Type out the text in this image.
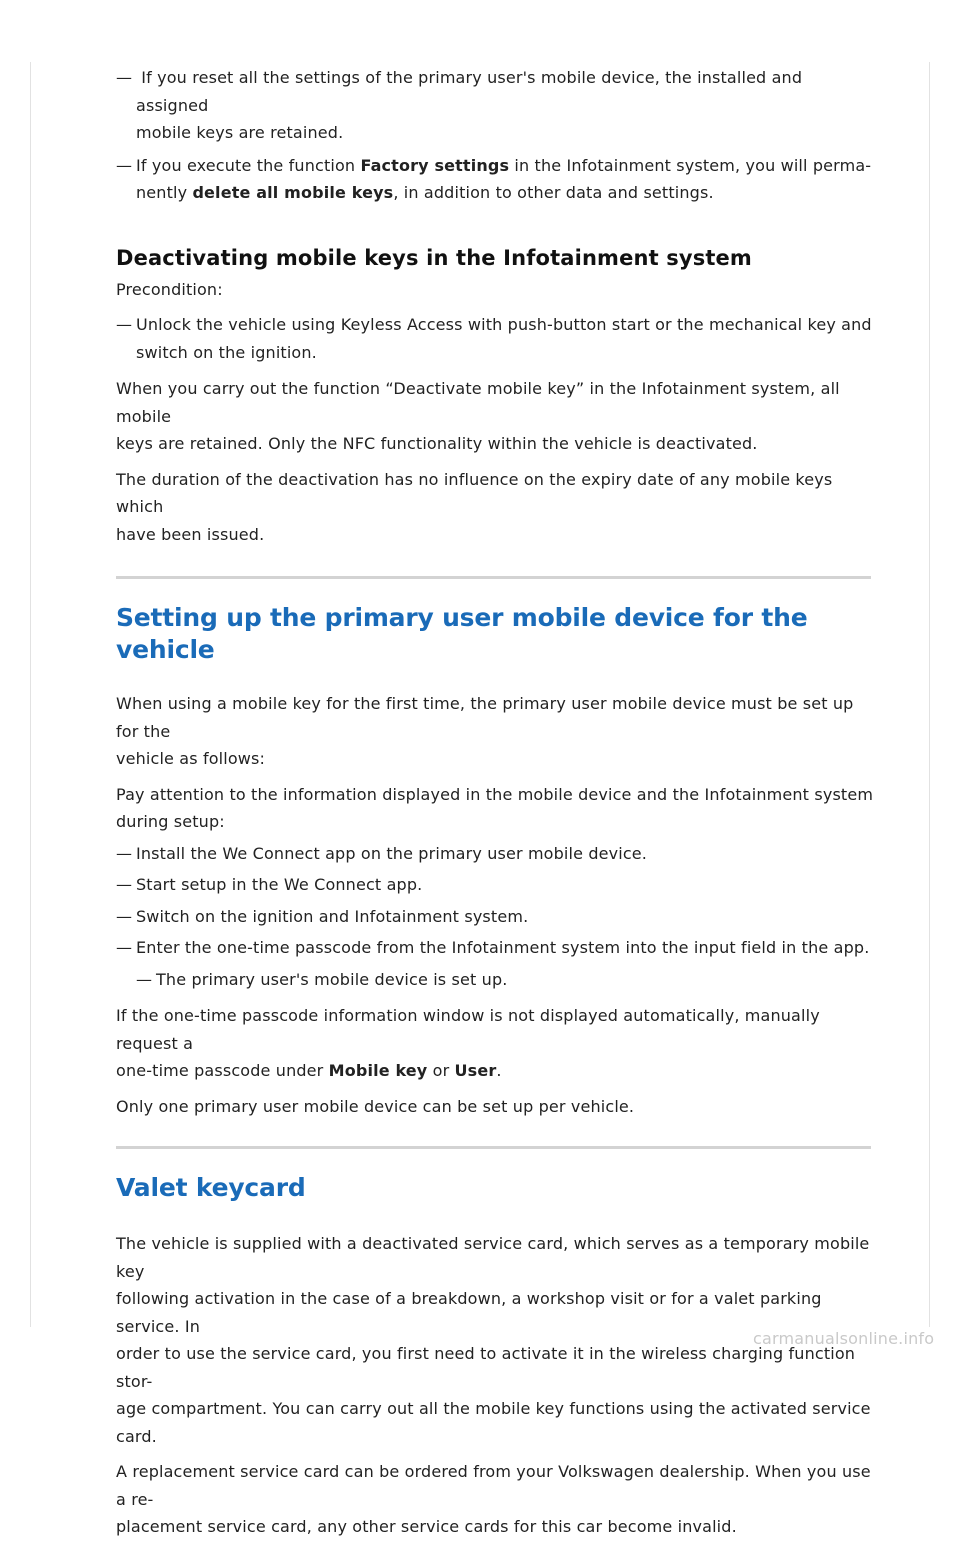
— If you reset all the settings of the primary user's mobile device, the installed and assigned
mobile keys are retained.

— If you execute the function Factory settings in the Infotainment system, you will perma-
nently delete all mobile keys, in addition to other data and settings.

Deactivating mobile keys in the Infotainment system

Precondition:

— Unlock the vehicle using Keyless Access with push-button start or the mechanical key and
switch on the ignition.

When you carry out the function “Deactivate mobile key” in the Infotainment system, all mobile
keys are retained. Only the NFC functionality within the vehicle is deactivated.

The duration of the deactivation has no influence on the expiry date of any mobile keys which
have been issued.

Setting up the primary user mobile device for the vehicle

When using a mobile key for the first time, the primary user mobile device must be set up for the
vehicle as follows:

Pay attention to the information displayed in the mobile device and the Infotainment system
during setup:

— Install the We Connect app on the primary user mobile device.

— Start setup in the We Connect app.

— Switch on the ignition and Infotainment system.

— Enter the one-time passcode from the Infotainment system into the input field in the app.

— The primary user's mobile device is set up.

If the one-time passcode information window is not displayed automatically, manually request a
one-time passcode under Mobile key or User.

Only one primary user mobile device can be set up per vehicle.

Valet keycard

The vehicle is supplied with a deactivated service card, which serves as a temporary mobile key
following activation in the case of a breakdown, a workshop visit or for a valet parking service. In
order to use the service card, you first need to activate it in the wireless charging function stor-
age compartment. You can carry out all the mobile key functions using the activated service card.

A replacement service card can be ordered from your Volkswagen dealership. When you use a re-
placement service card, any other service cards for this car become invalid.

carmanualsonline.info
